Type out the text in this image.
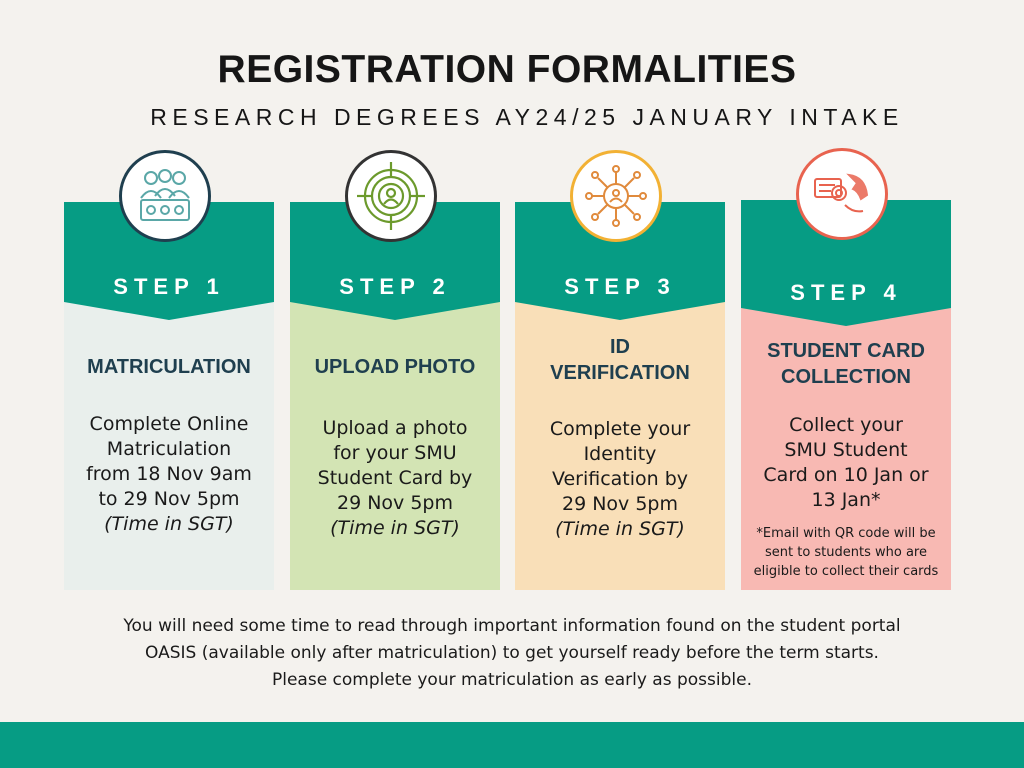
REGISTRATION FORMALITIES
RESEARCH DEGREES AY24/25 JANUARY INTAKE
STEP 1
MATRICULATION
Complete Online
Matriculation
from 18 Nov 9am
to 29 Nov 5pm
(Time in SGT)
STEP 2
UPLOAD PHOTO
Upload a photo
for your SMU
Student Card by
29 Nov 5pm
(Time in SGT)
STEP 3
ID
VERIFICATION
Complete your
Identity
Verification by
29 Nov 5pm
(Time in SGT)
STEP 4
STUDENT CARD
COLLECTION
Collect your
SMU Student
Card on 10 Jan or
13 Jan*
*Email with QR code will be
sent to students who are
eligible to collect their cards
You will need some time to read through important information found on the student portal
OASIS (available only after matriculation) to get yourself ready before the term starts.
Please complete your matriculation as early as possible.
